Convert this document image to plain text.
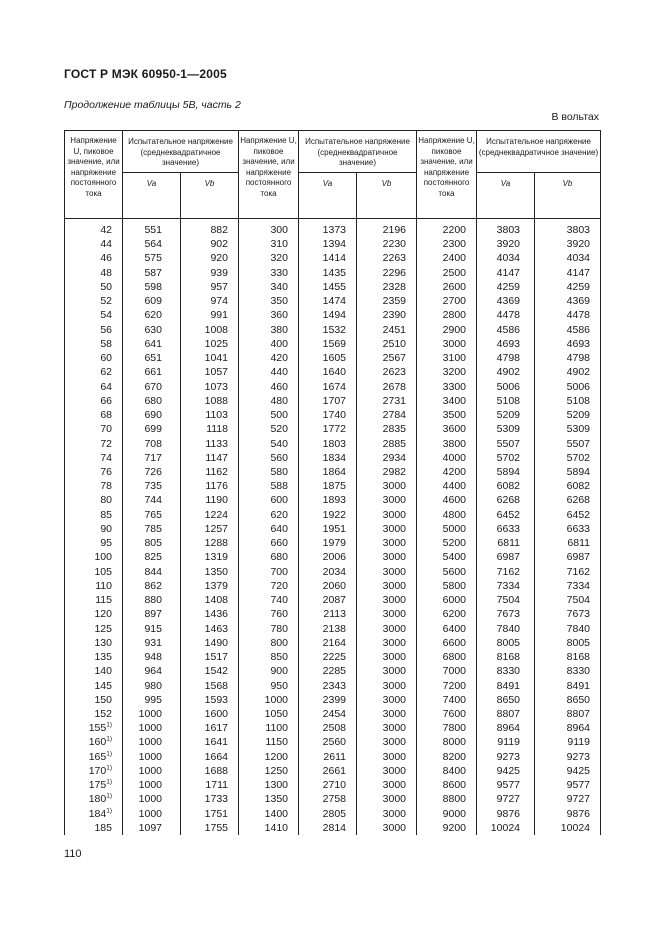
ГОСТ Р МЭК 60950-1—2005
Продолжение таблицы 5В, часть 2
В вольтах
Напряжение U, пиковое значение, или напряжение постоянного тока	Испытательное напряжение (среднеквадратичное значение)		Напряжение U, пиковое значение, или напряжение постоянного тока	Испытательное напряжение (среднеквадратичное значение)		Напряжение U, пиковое значение, или напряжение постоянного тока	Испытательное напряжение (среднеквадратичное значение)	
	Va	Vb		Va	Vb		Va	Vb
42	551	882	300	1373	2196	2200	3803	3803
44	564	902	310	1394	2230	2300	3920	3920
46	575	920	320	1414	2263	2400	4034	4034
48	587	939	330	1435	2296	2500	4147	4147
50	598	957	340	1455	2328	2600	4259	4259
52	609	974	350	1474	2359	2700	4369	4369
54	620	991	360	1494	2390	2800	4478	4478
56	630	1008	380	1532	2451	2900	4586	4586
58	641	1025	400	1569	2510	3000	4693	4693
60	651	1041	420	1605	2567	3100	4798	4798
62	661	1057	440	1640	2623	3200	4902	4902
64	670	1073	460	1674	2678	3300	5006	5006
66	680	1088	480	1707	2731	3400	5108	5108
68	690	1103	500	1740	2784	3500	5209	5209
70	699	1118	520	1772	2835	3600	5309	5309
72	708	1133	540	1803	2885	3800	5507	5507
74	717	1147	560	1834	2934	4000	5702	5702
76	726	1162	580	1864	2982	4200	5894	5894
78	735	1176	588	1875	3000	4400	6082	6082
80	744	1190	600	1893	3000	4600	6268	6268
85	765	1224	620	1922	3000	4800	6452	6452
90	785	1257	640	1951	3000	5000	6633	6633
95	805	1288	660	1979	3000	5200	6811	6811
100	825	1319	680	2006	3000	5400	6987	6987
105	844	1350	700	2034	3000	5600	7162	7162
110	862	1379	720	2060	3000	5800	7334	7334
115	880	1408	740	2087	3000	6000	7504	7504
120	897	1436	760	2113	3000	6200	7673	7673
125	915	1463	780	2138	3000	6400	7840	7840
130	931	1490	800	2164	3000	6600	8005	8005
135	948	1517	850	2225	3000	6800	8168	8168
140	964	1542	900	2285	3000	7000	8330	8330
145	980	1568	950	2343	3000	7200	8491	8491
150	995	1593	1000	2399	3000	7400	8650	8650
152	1000	1600	1050	2454	3000	7600	8807	8807
155$^{1)}$	1000	1617	1100	2508	3000	7800	8964	8964
160$^{1)}$	1000	1641	1150	2560	3000	8000	9119	9119
165$^{1)}$	1000	1664	1200	2611	3000	8200	9273	9273
170$^{1)}$	1000	1688	1250	2661	3000	8400	9425	9425
175$^{1)}$	1000	1711	1300	2710	3000	8600	9577	9577
180$^{1)}$	1000	1733	1350	2758	3000	8800	9727	9727
184$^{1)}$	1000	1751	1400	2805	3000	9000	9876	9876
185	1097	1755	1410	2814	3000	9200	10024	10024
110
